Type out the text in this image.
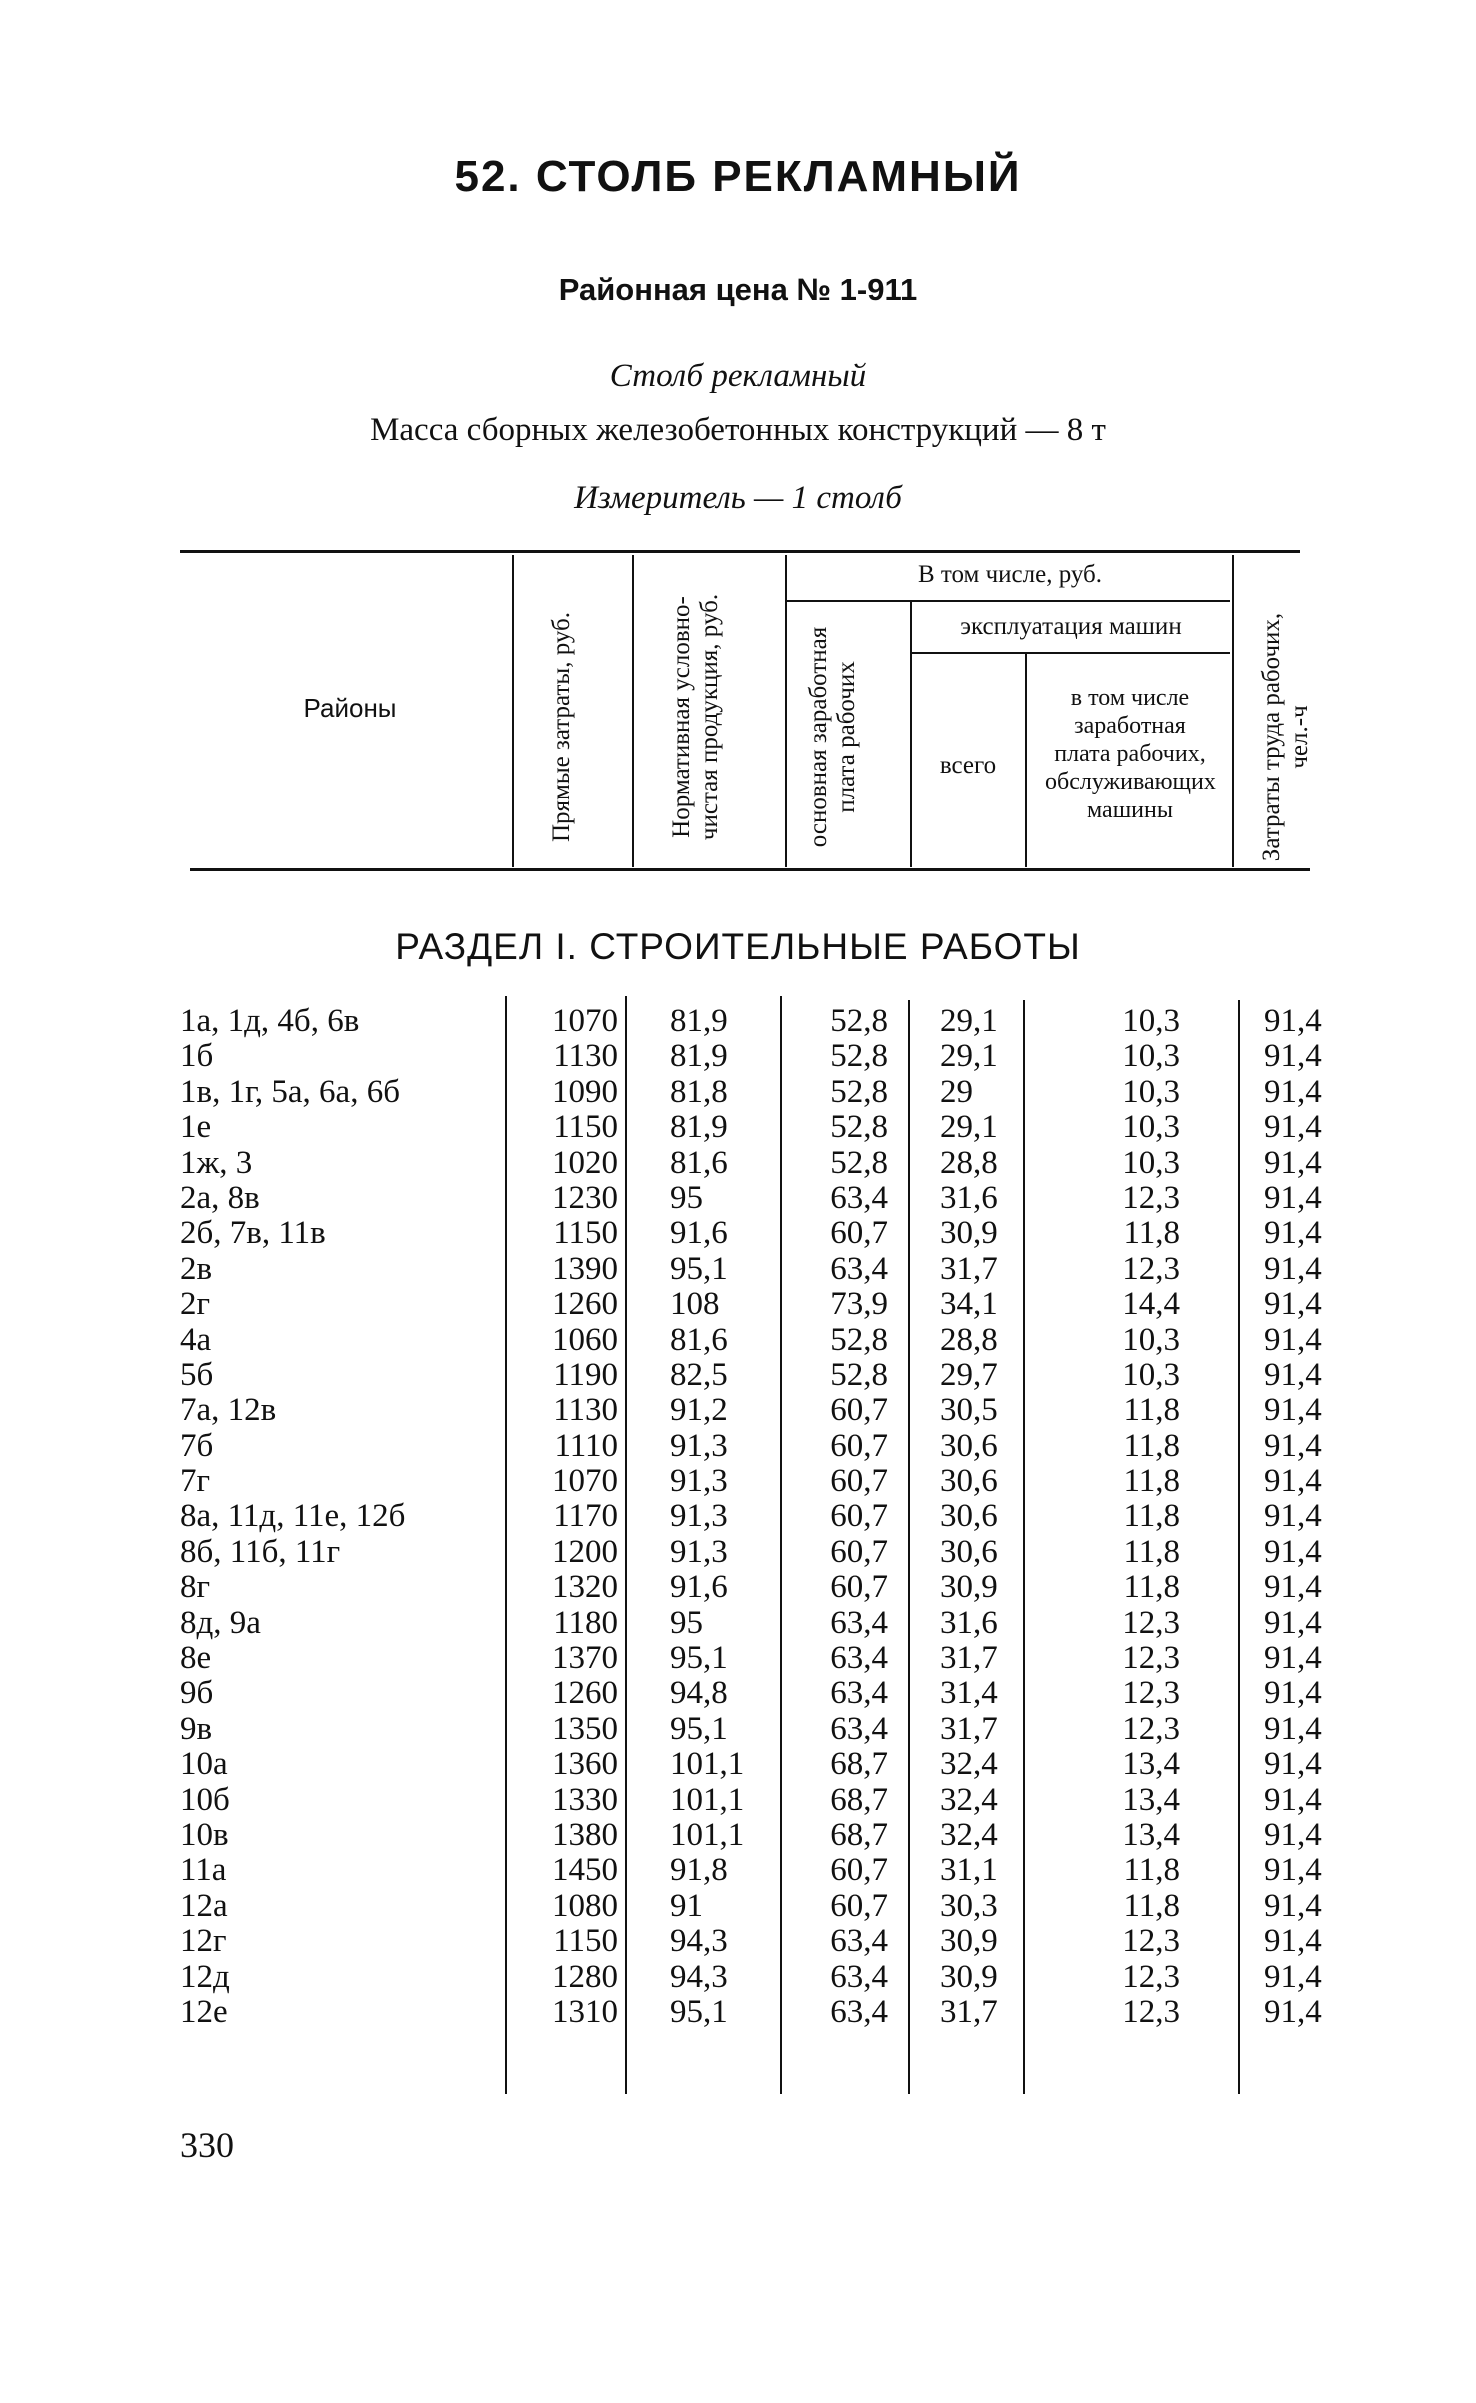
52. СТОЛБ РЕКЛАМНЫЙ
Районная цена № 1-911
Столб рекламный
Масса сборных железобетонных конструкций — 8 т
Измеритель — 1 столб
Районы	Прямые затраты, руб.	Нормативная условно-чистая продукция, руб.
В том числе, руб.
основная заработная плата рабочих
эксплуатация машин
всего
в том числе заработная плата рабочих, обслуживающих машины	Затраты труда рабочих, чел.-ч
РАЗДЕЛ I. СТРОИТЕЛЬНЫЕ РАБОТЫ
1а, 1д, 4б, 6в	1070 81,9	52,8 29,1	10,3	91,4
1б	1130 81,9	52,8 29,1	10,3	91,4
1в, 1г, 5а, 6а, 6б	1090 81,8	52,8 29	10,3	91,4
1е	1150 81,9	52,8 29,1	10,3	91,4
1ж, 3	1020 81,6	52,8 28,8	10,3	91,4
2а, 8в	1230 95	63,4 31,6	12,3	91,4
2б, 7в, 11в	1150 91,6	60,7 30,9	11,8	91,4
2в	1390 95,1	63,4 31,7	12,3	91,4
2г	1260 108	73,9 34,1	14,4	91,4
4а	1060 81,6	52,8 28,8	10,3	91,4
5б	1190 82,5	52,8 29,7	10,3	91,4
7а, 12в	1130 91,2	60,7 30,5	11,8	91,4
7б	1110 91,3	60,7 30,6	11,8	91,4
7г	1070 91,3	60,7 30,6	11,8	91,4
8а, 11д, 11е, 12б	1170 91,3	60,7 30,6	11,8	91,4
8б, 11б, 11г	1200 91,3	60,7 30,6	11,8	91,4
8г	1320 91,6	60,7 30,9	11,8	91,4
8д, 9а	1180 95	63,4 31,6	12,3	91,4
8е	1370 95,1	63,4 31,7	12,3	91,4
9б	1260 94,8	63,4 31,4	12,3	91,4
9в	1350 95,1	63,4 31,7	12,3	91,4
10а	1360 101,1	68,7 32,4	13,4	91,4
10б	1330 101,1	68,7 32,4	13,4	91,4
10в	1380 101,1	68,7 32,4	13,4	91,4
11а	1450 91,8	60,7 31,1	11,8	91,4
12а	1080 91	60,7 30,3	11,8	91,4
12г	1150 94,3	63,4 30,9	12,3	91,4
12д	1280 94,3	63,4 30,9	12,3	91,4
12е	1310 95,1	63,4 31,7	12,3	91,4
330
